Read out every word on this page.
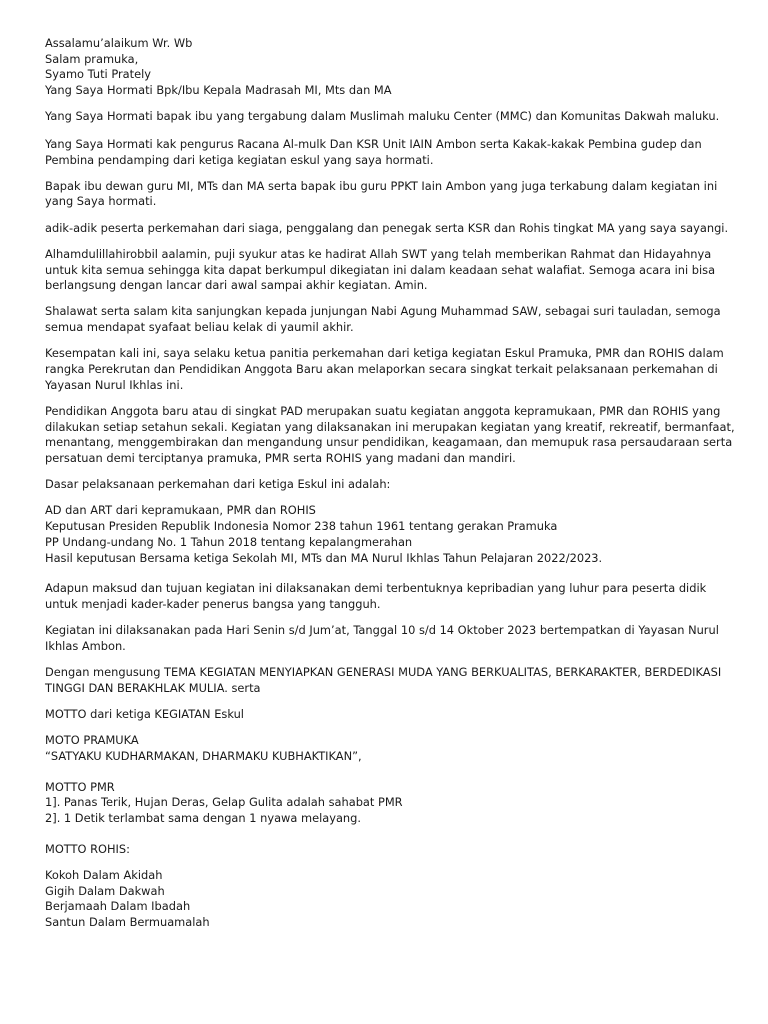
Assalamu’alaikum Wr. Wb
Salam pramuka,
Syamo Tuti Prately
Yang Saya Hormati Bpk/Ibu Kepala Madrasah MI, Mts dan MA

Yang Saya Hormati bapak ibu yang tergabung dalam Muslimah maluku Center (MMC) dan Komunitas Dakwah maluku.

Yang Saya Hormati kak pengurus Racana Al-mulk Dan KSR Unit IAIN Ambon serta Kakak-kakak Pembina gudep dan
Pembina pendamping dari ketiga kegiatan eskul yang saya hormati.

Bapak ibu dewan guru MI, MTs dan MA serta bapak ibu guru PPKT Iain Ambon yang juga terkabung dalam kegiatan ini
yang Saya hormati.

adik-adik peserta perkemahan dari siaga, penggalang dan penegak serta KSR dan Rohis tingkat MA yang saya sayangi.

Alhamdulillahirobbil aalamin, puji syukur atas ke hadirat Allah SWT yang telah memberikan Rahmat dan Hidayahnya
untuk kita semua sehingga kita dapat berkumpul dikegiatan ini dalam keadaan sehat walafiat. Semoga acara ini bisa
berlangsung dengan lancar dari awal sampai akhir kegiatan. Amin.

Shalawat serta salam kita sanjungkan kepada junjungan Nabi Agung Muhammad SAW, sebagai suri tauladan, semoga
semua mendapat syafaat beliau kelak di yaumil akhir.

Kesempatan kali ini, saya selaku ketua panitia perkemahan dari ketiga kegiatan Eskul Pramuka, PMR dan ROHIS dalam
rangka Perekrutan dan Pendidikan Anggota Baru akan melaporkan secara singkat terkait pelaksanaan perkemahan di
Yayasan Nurul Ikhlas ini.

Pendidikan Anggota baru atau di singkat PAD merupakan suatu kegiatan anggota kepramukaan, PMR dan ROHIS yang
dilakukan setiap setahun sekali. Kegiatan yang dilaksanakan ini merupakan kegiatan yang kreatif, rekreatif, bermanfaat,
menantang, menggembirakan dan mengandung unsur pendidikan, keagamaan, dan memupuk rasa persaudaraan serta
persatuan demi terciptanya pramuka, PMR serta ROHIS yang madani dan mandiri.

Dasar pelaksanaan perkemahan dari ketiga Eskul ini adalah:

AD dan ART dari kepramukaan, PMR dan ROHIS
Keputusan Presiden Republik Indonesia Nomor 238 tahun 1961 tentang gerakan Pramuka
PP Undang-undang No. 1 Tahun 2018 tentang kepalangmerahan
Hasil keputusan Bersama ketiga Sekolah MI, MTs dan MA Nurul Ikhlas Tahun Pelajaran 2022/2023.

Adapun maksud dan tujuan kegiatan ini dilaksanakan demi terbentuknya kepribadian yang luhur para peserta didik
untuk menjadi kader-kader penerus bangsa yang tangguh.

Kegiatan ini dilaksanakan pada Hari Senin s/d Jum’at, Tanggal 10 s/d 14 Oktober 2023 bertempatkan di Yayasan Nurul
Ikhlas Ambon.

Dengan mengusung TEMA KEGIATAN MENYIAPKAN GENERASI MUDA YANG BERKUALITAS, BERKARAKTER, BERDEDIKASI
TINGGI DAN BERAKHLAK MULIA. serta

MOTTO dari ketiga KEGIATAN Eskul

MOTO PRAMUKA
“SATYAKU KUDHARMAKAN, DHARMAKU KUBHAKTIKAN”,

MOTTO PMR
1]. Panas Terik, Hujan Deras, Gelap Gulita adalah sahabat PMR
2]. 1 Detik terlambat sama dengan 1 nyawa melayang.

MOTTO ROHIS:

Kokoh Dalam Akidah
Gigih Dalam Dakwah
Berjamaah Dalam Ibadah
Santun Dalam Bermuamalah
